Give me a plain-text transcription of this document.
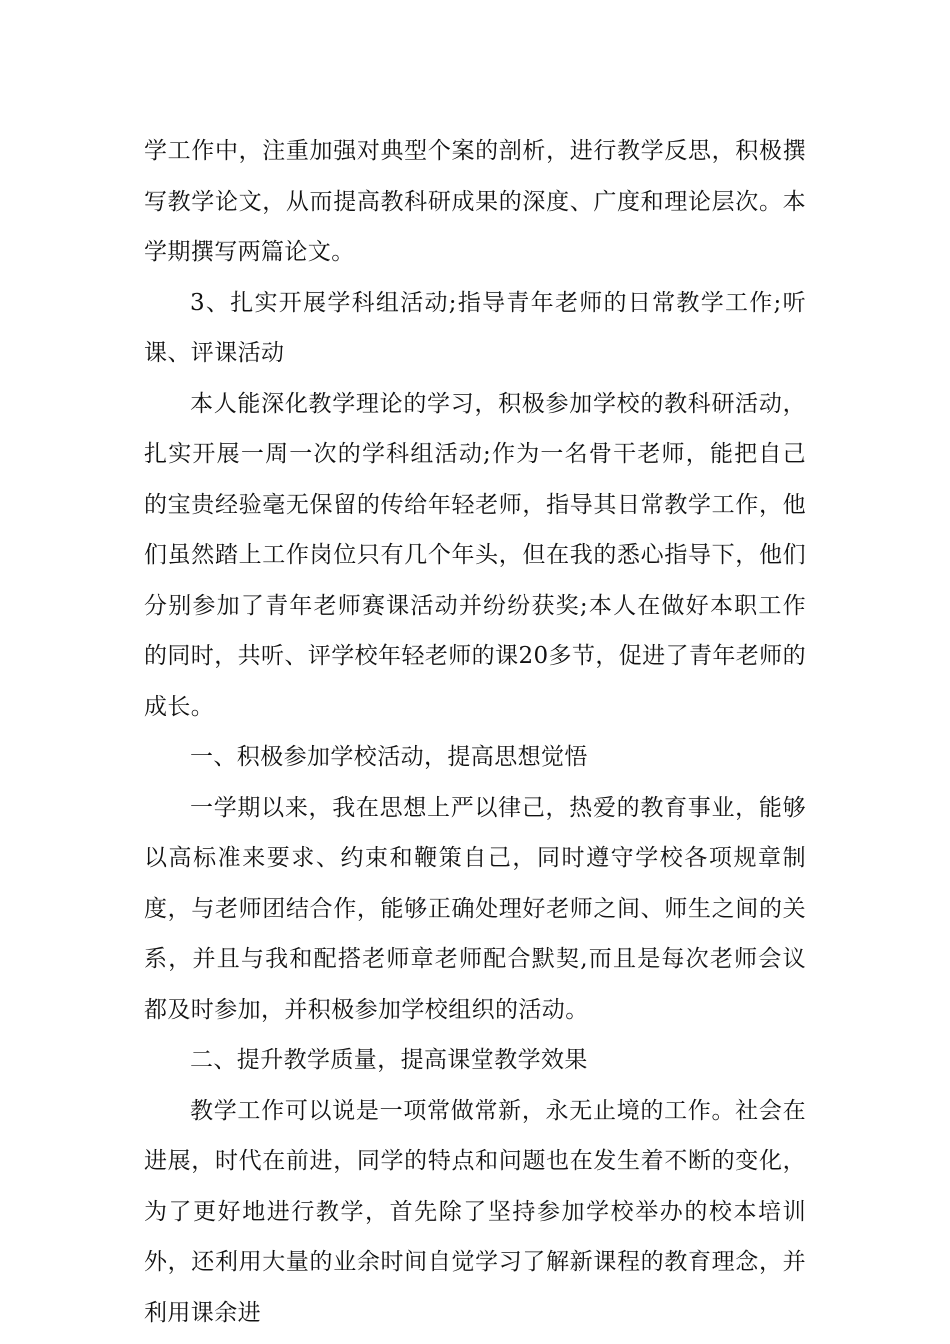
学工作中，注重加强对典型个案的剖析，进行教学反思，积极撰写教学论文，从而提高教科研成果的深度、广度和理论层次。本学期撰写两篇论文。

3、扎实开展学科组活动;指导青年老师的日常教学工作;听课、评课活动

本人能深化教学理论的学习，积极参加学校的教科研活动，扎实开展一周一次的学科组活动;作为一名骨干老师，能把自己的宝贵经验毫无保留的传给年轻老师，指导其日常教学工作，他们虽然踏上工作岗位只有几个年头，但在我的悉心指导下，他们分别参加了青年老师赛课活动并纷纷获奖;本人在做好本职工作的同时，共听、评学校年轻老师的课20多节，促进了青年老师的成长。

一、积极参加学校活动，提高思想觉悟

一学期以来，我在思想上严以律己，热爱的教育事业，能够以高标准来要求、约束和鞭策自己，同时遵守学校各项规章制度，与老师团结合作，能够正确处理好老师之间、师生之间的关系，并且与我和配搭老师章老师配合默契,而且是每次老师会议都及时参加，并积极参加学校组织的活动。

二、提升教学质量，提高课堂教学效果

教学工作可以说是一项常做常新，永无止境的工作。社会在进展，时代在前进，同学的特点和问题也在发生着不断的变化，为了更好地进行教学，首先除了坚持参加学校举办的校本培训外，还利用大量的业余时间自觉学习了解新课程的教育理念，并利用课余进
